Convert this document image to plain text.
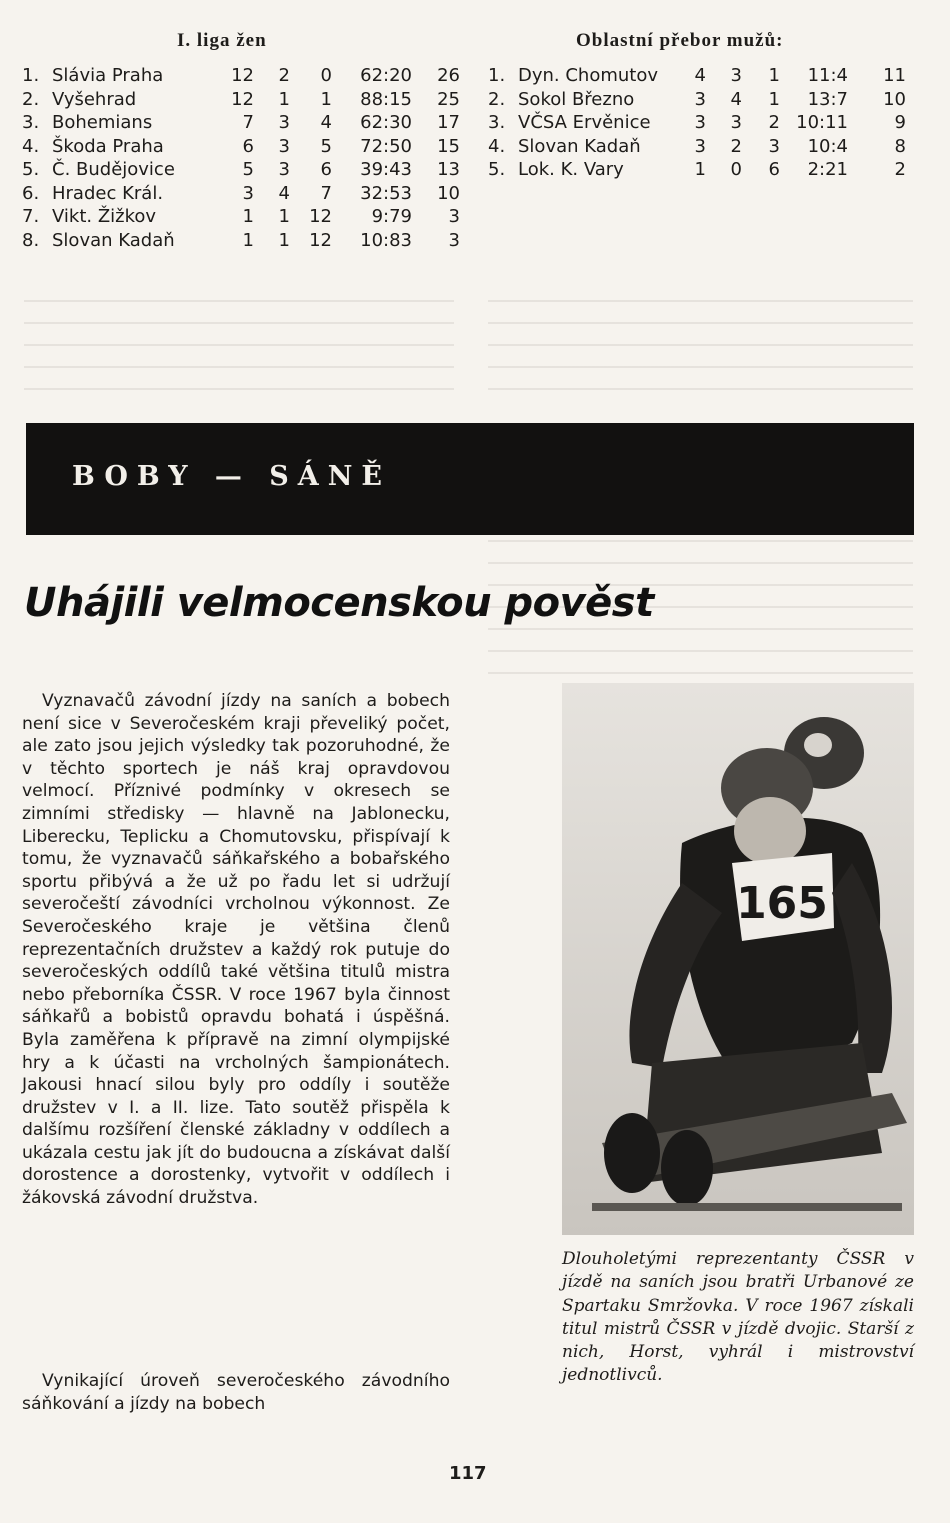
I. liga žen
1.	Slávia Praha	12	2	0	62:20	26
2.	Vyšehrad	12	1	1	88:15	25
3.	Bohemians	7	3	4	62:30	17
4.	Škoda Praha	6	3	5	72:50	15
5.	Č. Budějovice	5	3	6	39:43	13
6.	Hradec Král.	3	4	7	32:53	10
7.	Vikt. Žižkov	1	1	12	9:79	3
8.	Slovan Kadaň	1	1	12	10:83	3
Oblastní přebor mužů:
1.	Dyn. Chomutov	4	3	1	11:4	11
2.	Sokol Březno	3	4	1	13:7	10
3.	VČSA Ervěnice	3	3	2	10:11	9
4.	Slovan Kadaň	3	2	3	10:4	8
5.	Lok. K. Vary	1	0	6	2:21	2
BOBY — SÁNĚ
Uhájili velmocenskou pověst

Vyznavačů závodní jízdy na saních a bobech není sice v Severočeském kraji převeliký počet, ale zato jsou jejich výsledky tak pozoruhodné, že v těchto sportech je náš kraj opravdovou velmocí. Příznivé podmínky v okresech se zimními středisky — hlavně na Jablonecku, Liberecku, Teplicku a Chomutovsku, přispívají k tomu, že vyznavačů sáňkařského a bobařského sportu přibývá a že už po řadu let si udržují severočeští závodníci vrcholnou výkonnost. Ze Severočeského kraje je většina členů reprezentačních družstev a každý rok putuje do severočeských oddílů také většina titulů mistra nebo přeborníka ČSSR. V roce 1967 byla činnost sáňkařů a bobistů opravdu bohatá i úspěšná. Byla zaměřena k přípravě na zimní olympijské hry a k účasti na vrcholných šampionátech. Jakousi hnací silou byly pro oddíly i soutěže družstev v I. a II. lize. Tato soutěž přispěla k dalšímu rozšíření členské základny v oddílech a ukázala cestu jak jít do budoucna a získávat další dorostence a dorostenky, vytvořit v oddílech i žákovská závodní družstva.

Vynikající úroveň severočeského závodního sáňkování a jízdy na bobech

165

Dlouholetými reprezentanty ČSSR v jízdě na saních jsou bratři Urbanové ze Spartaku Smržovka. V roce 1967 získali titul mistrů ČSSR v jízdě dvojic. Starší z nich, Horst, vyhrál i mistrovství jednotlivců.

117
